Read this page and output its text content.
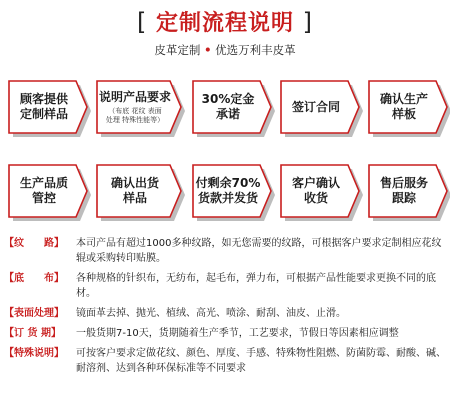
[ 定制流程说明 ]
皮革定制 • 优选万利丰皮革
顾客提供
定制样品
说明产品要求
（布底 花纹 表面
处理 特殊性能等）
30%定金
承诺
签订合同
确认生产
样板
生产品质
管控
确认出货
样品
付剩余70%
货款并发货
客户确认
收货
售后服务
跟踪
【纹　　路】	本司产品有超过1000多种纹路，如无您需要的纹路，可根据客户要求定制相应花纹辊或采购转印贴膜。
【底　　布】	各种规格的针织布，无纺布，起毛布，弹力布，可根据产品性能要求更换不同的底材。
【表面处理】	镜面革去掉、抛光、植绒、高光、喷涂、耐刮、油皮、止滑。
【订 货 期】	一般货期7-10天，货期随着生产季节，工艺要求，节假日等因素相应调整
【特殊说明】	可按客户要求定做花纹、颜色、厚度、手感、特殊物性阻燃、防菌防霉、耐酸、碱、耐溶剂、达到各种环保标准等不同要求
